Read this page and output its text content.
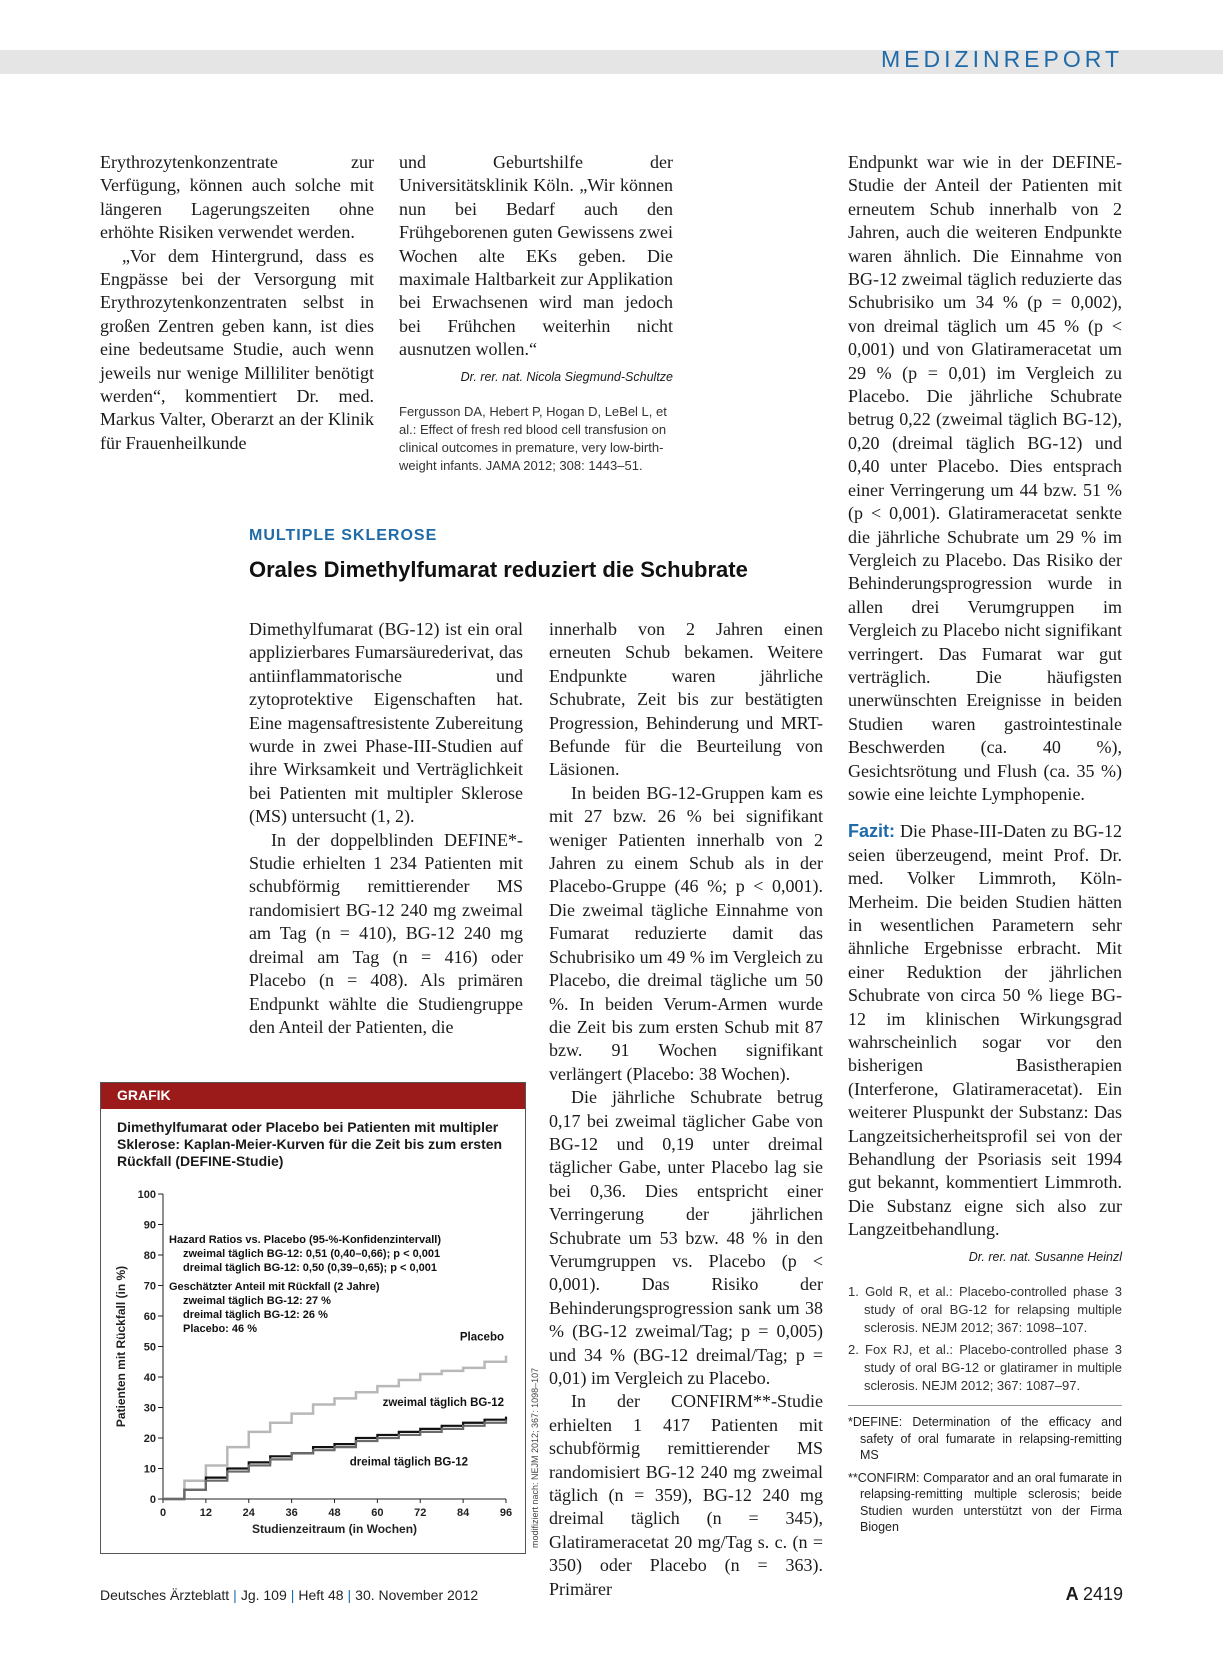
MEDIZINREPORT

Erythrozytenkonzentrate zur Verfügung, können auch solche mit längeren Lagerungszeiten ohne erhöhte Risiken verwendet werden.

„Vor dem Hintergrund, dass es Engpässe bei der Versorgung mit Erythrozytenkonzentraten selbst in großen Zentren geben kann, ist dies eine bedeutsame Studie, auch wenn jeweils nur wenige Milliliter benötigt werden“, kommentiert Dr. med. Markus Valter, Oberarzt an der Klinik für Frauenheilkunde

und Geburtshilfe der Universitätsklinik Köln. „Wir können nun bei Bedarf auch den Frühgeborenen guten Gewissens zwei Wochen alte EKs geben. Die maximale Haltbarkeit zur Applikation bei Erwachsenen wird man jedoch bei Frühchen weiterhin nicht ausnutzen wollen.“

Dr. rer. nat. Nicola Siegmund-Schultze
Fergusson DA, Hebert P, Hogan D, LeBel L, et al.: Effect of fresh red blood cell transfusion on clinical outcomes in premature, very low-birth-weight infants. JAMA 2012; 308: 1443–51.
MULTIPLE SKLEROSE
Orales Dimethylfumarat reduziert die Schubrate

Dimethylfumarat (BG-12) ist ein oral applizierbares Fumarsäurederivat, das antiinflammatorische und zytoprotektive Eigenschaften hat. Eine magensaftresistente Zubereitung wurde in zwei Phase-III-Studien auf ihre Wirksamkeit und Verträglichkeit bei Patienten mit multipler Sklerose (MS) untersucht (1, 2).

In der doppelblinden DEFINE*-Studie erhielten 1 234 Patienten mit schubförmig remittierender MS randomisiert BG-12 240 mg zweimal am Tag (n = 410), BG-12 240 mg dreimal am Tag (n = 416) oder Placebo (n = 408). Als primären Endpunkt wählte die Studiengruppe den Anteil der Patienten, die

innerhalb von 2 Jahren einen erneuten Schub bekamen. Weitere Endpunkte waren jährliche Schubrate, Zeit bis zur bestätigten Progression, Behinderung und MRT-Befunde für die Beurteilung von Läsionen.

In beiden BG-12-Gruppen kam es mit 27 bzw. 26 % bei signifikant weniger Patienten innerhalb von 2 Jahren zu einem Schub als in der Placebo-Gruppe (46 %; p < 0,001). Die zweimal tägliche Einnahme von Fumarat reduzierte damit das Schubrisiko um 49 % im Vergleich zu Placebo, die dreimal tägliche um 50 %. In beiden Verum-Armen wurde die Zeit bis zum ersten Schub mit 87 bzw. 91 Wochen signifikant verlängert (Placebo: 38 Wochen).

Die jährliche Schubrate betrug 0,17 bei zweimal täglicher Gabe von BG-12 und 0,19 unter dreimal täglicher Gabe, unter Placebo lag sie bei 0,36. Dies entspricht einer Verringerung der jährlichen Schubrate um 53 bzw. 48 % in den Verumgruppen vs. Placebo (p < 0,001). Das Risiko der Behinderungsprogression sank um 38 % (BG-12 zweimal/Tag; p = 0,005) und 34 % (BG-12 dreimal/Tag; p = 0,01) im Vergleich zu Placebo.

In der CONFIRM**-Studie erhielten 1 417 Patienten mit schubförmig remittierender MS randomisiert BG-12 240 mg zweimal täglich (n = 359), BG-12 240 mg dreimal täglich (n = 345), Glatirameracetat 20 mg/Tag s. c. (n = 350) oder Placebo (n = 363). Primärer

Endpunkt war wie in der DEFINE-Studie der Anteil der Patienten mit erneutem Schub innerhalb von 2 Jahren, auch die weiteren Endpunkte waren ähnlich. Die Einnahme von BG-12 zweimal täglich reduzierte das Schubrisiko um 34 % (p = 0,002), von dreimal täglich um 45 % (p < 0,001) und von Glatirameracetat um 29 % (p = 0,01) im Vergleich zu Placebo. Die jährliche Schubrate betrug 0,22 (zweimal täglich BG-12), 0,20 (dreimal täglich BG-12) und 0,40 unter Placebo. Dies entsprach einer Verringerung um 44 bzw. 51 % (p < 0,001). Glatirameracetat senkte die jährliche Schubrate um 29 % im Vergleich zu Placebo. Das Risiko der Behinderungsprogression wurde in allen drei Verumgruppen im Vergleich zu Placebo nicht signifikant verringert. Das Fumarat war gut verträglich. Die häufigsten unerwünschten Ereignisse in beiden Studien waren gastrointestinale Beschwerden (ca. 40 %), Gesichtsrötung und Flush (ca. 35 %) sowie eine leichte Lymphopenie.

Fazit: Die Phase-III-Daten zu BG-12 seien überzeugend, meint Prof. Dr. med. Volker Limmroth, Köln-Merheim. Die beiden Studien hätten in wesentlichen Parametern sehr ähnliche Ergebnisse erbracht. Mit einer Reduktion der jährlichen Schubrate von circa 50 % liege BG-12 im klinischen Wirkungsgrad wahrscheinlich sogar vor den bisherigen Basistherapien (Interferone, Glatirameracetat). Ein weiterer Pluspunkt der Substanz: Das Langzeitsicherheitsprofil sei von der Behandlung der Psoriasis seit 1994 gut bekannt, kommentiert Limmroth. Die Substanz eigne sich also zur Langzeitbehandlung.

Dr. rer. nat. Susanne Heinzl
1. Gold R, et al.: Placebo-controlled phase 3 study of oral BG-12 for relapsing multiple sclerosis. NEJM 2012; 367: 1098–107.
2. Fox RJ, et al.: Placebo-controlled phase 3 study of oral BG-12 or glatiramer in multiple sclerosis. NEJM 2012; 367: 1087–97.
*DEFINE: Determination of the efficacy and safety of oral fumarate in relapsing-remitting MS
**CONFIRM: Comparator and an oral fumarate in relapsing-remitting multiple sclerosis; beide Studien wurden unterstützt von der Firma Biogen
GRAFIK
Dimethylfumarat oder Placebo bei Patienten mit multipler Sklerose: Kaplan-Meier-Kurven für die Zeit bis zum ersten Rückfall (DEFINE-Studie)
0
10
20
30
40
50
60
70
80
90
100
0	12	24	36	48	60	72	84	96
Studienzeitraum (in Wochen)
Patienten mit Rückfall (in %)	Placebo
zweimal täglich BG-12
dreimal täglich BG-12
Hazard Ratios vs. Placebo (95-%-Konfidenzintervall)
zweimal täglich BG-12: 0,51 (0,40–0,66); p < 0,001
dreimal täglich BG-12: 0,50 (0,39–0,65); p < 0,001
Geschätzter Anteil mit Rückfall (2 Jahre)
zweimal täglich BG-12: 27 %
dreimal täglich BG-12: 26 %
Placebo: 46 %
modifiziert nach: NEJM 2012; 367: 1098–107
Deutsches Ärzteblatt | Jg. 109 | Heft 48 | 30. November 2012	A 2419
